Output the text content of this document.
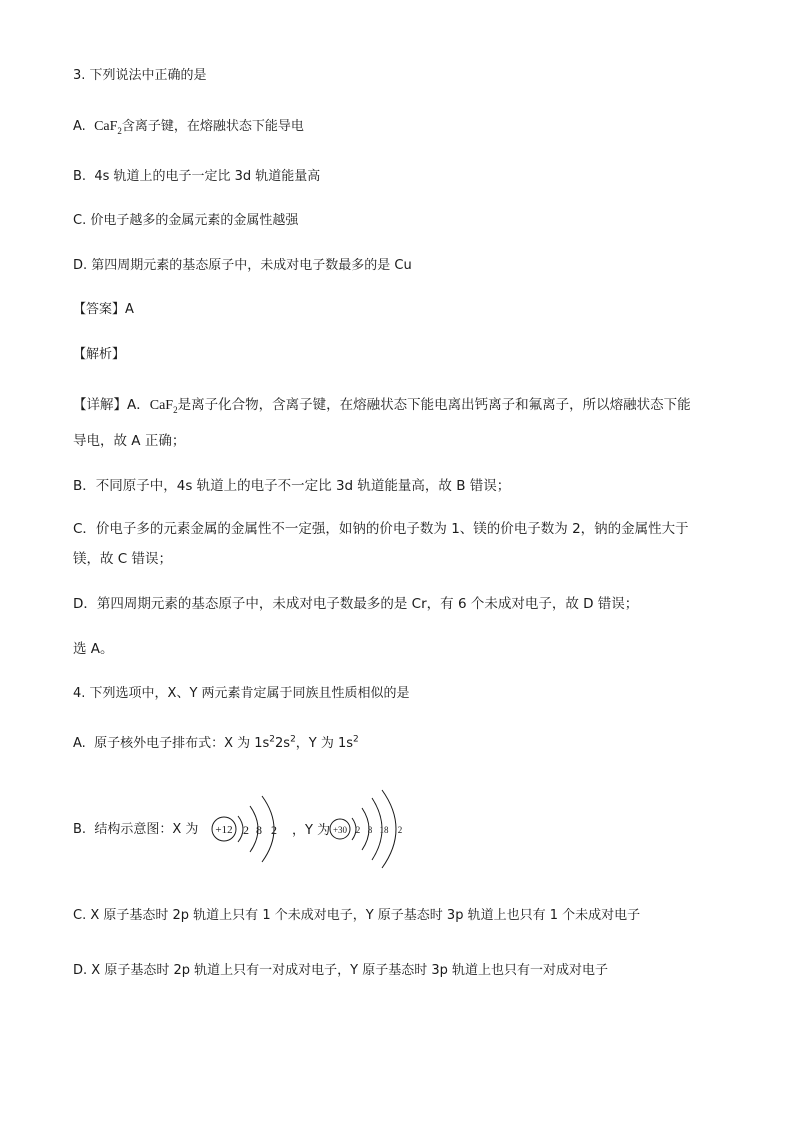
3. 下列说法中正确的是
A. CaF$_2$含离子键，在熔融状态下能导电
B. 4s 轨道上的电子一定比 3d 轨道能量高
C. 价电子越多的金属元素的金属性越强
D. 第四周期元素的基态原子中，未成对电子数最多的是 Cu
【答案】A
【解析】
【详解】A．CaF$_2$是离子化合物，含离子键，在熔融状态下能电离出钙离子和氟离子，所以熔融状态下能
导电，故 A 正确；
B．不同原子中，4s 轨道上的电子不一定比 3d 轨道能量高，故 B 错误；
C．价电子多的元素金属的金属性不一定强，如钠的价电子数为 1、镁的价电子数为 2，钠的金属性大于
镁，故 C 错误；
D．第四周期元素的基态原子中，未成对电子数最多的是 Cr，有 6 个未成对电子，故 D 错误；
选 A。
4. 下列选项中，X、Y 两元素肯定属于同族且性质相似的是
A. 原子核外电子排布式：X 为 $1s^22s^2$，Y 为 $1s^2$
B. 结构示意图：X 为 +12 2 8 2 ，Y 为 +30 2 8 18 2
C. X 原子基态时 2p 轨道上只有 1 个未成对电子，Y 原子基态时 3p 轨道上也只有 1 个未成对电子
D. X 原子基态时 2p 轨道上只有一对成对电子，Y 原子基态时 3p 轨道上也只有一对成对电子
